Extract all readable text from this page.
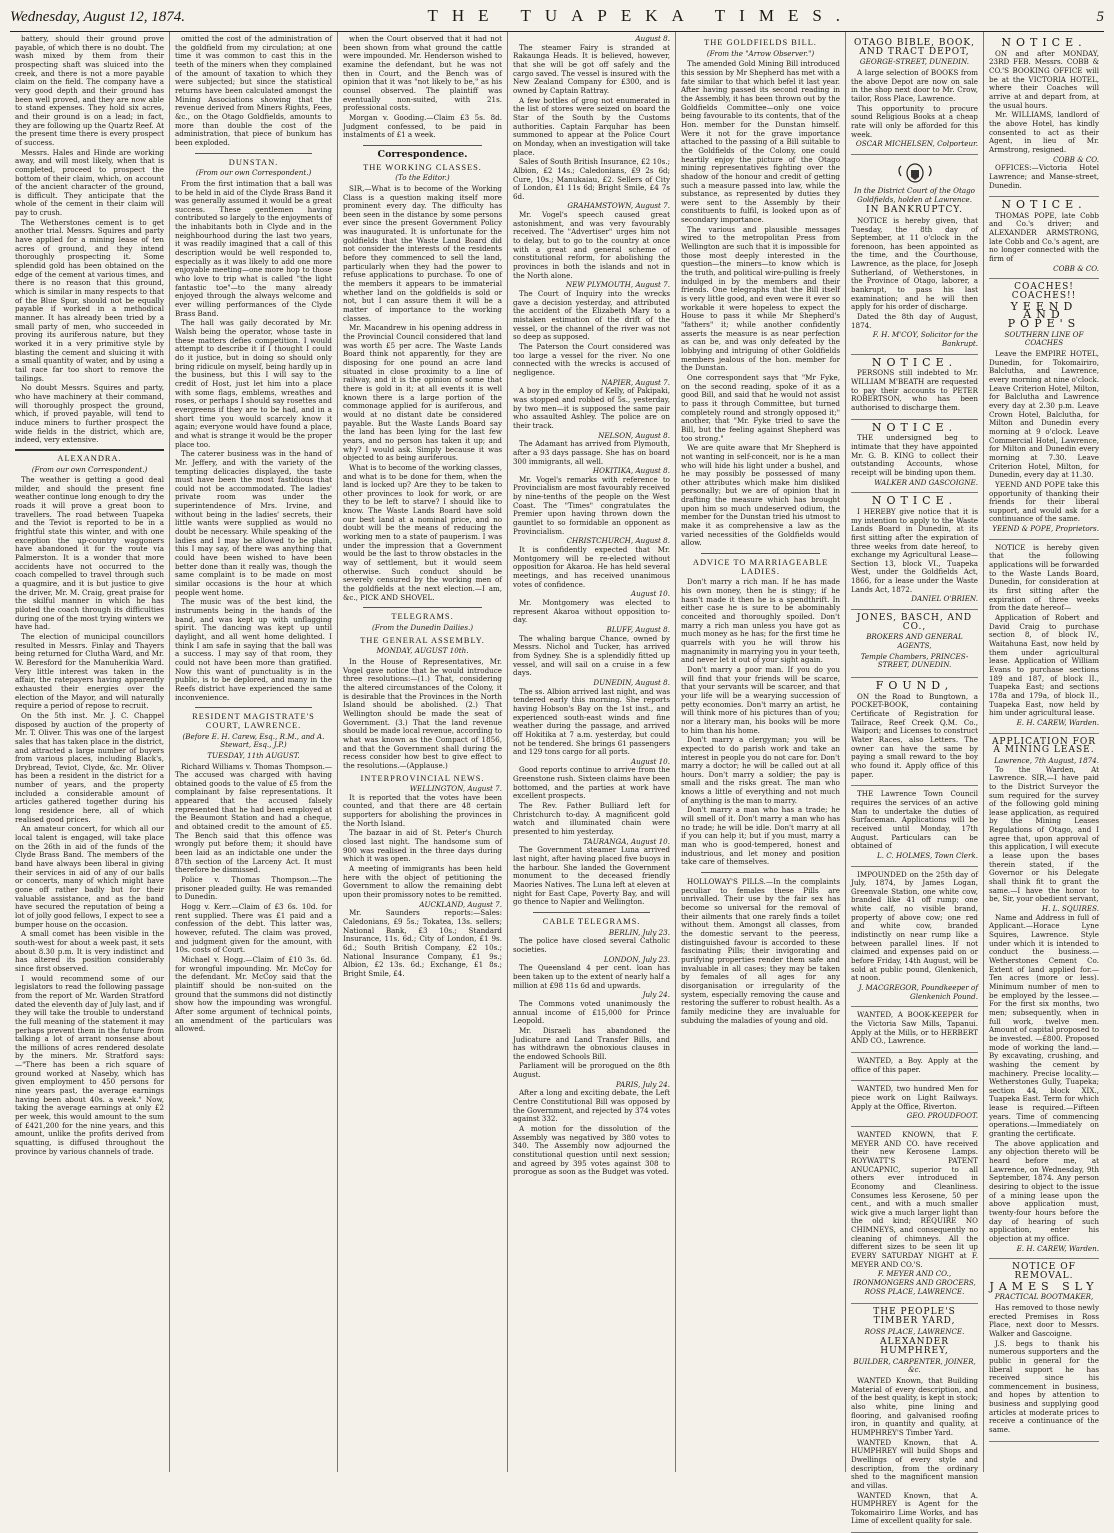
Wednesday, August 12, 1874.	THE TUAPEKA TIMES.	5

battery, should their ground prove payable, of which there is no doubt. The wash mixed by them from their prospecting shaft was sluiced into the creek, and there is not a more payable claim on the field. The company have a very good depth and their ground has been well proved, and they are now able to stand expenses. They hold six acres, and their ground is on a lead; in fact, they are following up the Quartz Reef. At the present time there is every prospect of success.

Messrs. Hales and Hinde are working away, and will most likely, when that is completed, proceed to prospect the bottom of their claim, which, on account of the ancient character of the ground, is difficult. They anticipate that the whole of the cement in their claim will pay to crush.

The Wetherstones cement is to get another trial. Messrs. Squires and party have applied for a mining lease of ten acres of ground, and they intend thoroughly prospecting it. Some splendid gold has been obtained on the edge of the cement at various times, and there is no reason that this ground, which is similar in many respects to that of the Blue Spur, should not be equally payable if worked in a methodical manner. It has already been tried by a small party of men, who succeeded in proving its auriferous nature, but they worked it in a very primitive style by blasting the cement and sluicing it with a small quantity of water, and by using a tail race far too short to remove the tailings.

No doubt Messrs. Squires and party, who have machinery at their command, will thoroughly prospect the ground, which, if proved payable, will tend to induce miners to further prospect the wide fields in the district, which are, indeed, very extensive.

ALEXANDRA.
(From our own Correspondent.)

The weather is getting a good deal milder, and should the present fine weather continue long enough to dry the roads it will prove a great boon to travellers. The road between Tuapeka and the Teviot is reported to be in a frightful state this winter, and with one exception the up-country waggoners have abandoned it for the route via Palmerston. It is a wonder that more accidents have not occurred to the coach compelled to travel through such a quagmire, and it is but justice to give the driver, Mr. M. Craig, great praise for the skilful manner in which he has piloted the coach through its difficulties during one of the most trying winters we have had.

The election of municipal councillors resulted in Messrs. Finlay and Thayers being returned for Clutha Ward, and Mr. W. Beresford for the Manuherikia Ward. Very little interest was taken in the affair, the ratepayers having apparently exhausted their energies over the election of the Mayor, and will naturally require a period of repose to recruit.

On the 5th inst. Mr. J. C. Chappel disposed by auction of the property of Mr. T. Oliver. This was one of the largest sales that has taken place in the district, and attracted a large number of buyers from various places, including Black's, Drybread, Teviot, Clyde, &c. Mr. Oliver has been a resident in the district for a number of years, and the property included a considerable amount of articles gathered together during his long residence here, all of which realised good prices.

An amateur concert, for which all our local talent is engaged, will take place on the 26th in aid of the funds of the Clyde Brass Band. The members of the band have always been liberal in giving their services in aid of any of our balls or concerts, many of which might have gone off rather badly but for their valuable assistance, and as the band have secured the reputation of being a lot of jolly good fellows, I expect to see a bumper house on the occasion.

A small comet has been visible in the south-west for about a week past, it sets about 8.30 p.m. It is very indistinct and has altered its position considerably since first observed.

I would recommend some of our legislators to read the following passage from the report of Mr. Warden Stratford dated the eleventh day of July last, and if they will take the trouble to understand the full meaning of the statement it may perhaps prevent them in the future from talking a lot of arrant nonsense about the millions of acres rendered desolate by the miners. Mr. Stratford says:—"There has been a rich square of ground worked at Naseby, which has given employment to 450 persons for nine years past, the average earnings having been about 40s. a week." Now, taking the average earnings at only £2 per week, this would amount to the sum of £421,200 for the nine years, and this amount, unlike the profits derived from squatting, is diffused throughout the province by various channels of trade.

omitted the cost of the administration of the goldfield from my circulation; at one time it was common to cast this in the teeth of the miners when they complained of the amount of taxation to which they were subjected; but since the statistical returns have been calculated amongst the Mining Associations showing that the revenue derived from Miners Rights, Fees, &c., on the Otago Goldfields, amounts to more than double the cost of the administration, that piece of bunkum has been exploded.

DUNSTAN.
(From our own Correspondent.)

From the first intimation that a ball was to be held in aid of the Clyde Brass Band it was generally assumed it would be a great success. These gentlemen having contributed so largely to the enjoyments of the inhabitants both in Clyde and in the neighbourhood during the last two years, it was readily imagined that a call of this description would be well responded to, especially as it was likely to add one more enjoyable meeting—one more hop to those who love to trip what is called "the light fantastic toe"—to the many already enjoyed through the always welcome and ever willing performances of the Clyde Brass Band.

The hall was gaily decorated by Mr. Walsh being the operator, whose taste in these matters defies competition. I would attempt to describe it if I thought I could do it justice, but in doing so should only bring ridicule on myself, being hardly up in the business, but this I will say to the credit of Host, just let him into a place with some flags, emblems, wreathes and roses, or perhaps I should say rosettes and evergreens if they are to be had, and in a short time you would scarcely know it again; everyone would have found a place, and what is strange it would be the proper place too.

The caterer business was in the hand of Mr. Jeffery, and with the variety of the tempting delicacies displayed, the taste must have been the most fastidious that could not be accommodated. The ladies' private room was under the superintendence of Mrs. Irvine, and without being in the ladies' secrets, their little wants were supplied as would no doubt be necessary. While speaking of the ladies and I may be allowed to be plain, this I may say, of there was anything that could have been wished to have been better done than it really was, though the same complaint is to be made on most similar occasions is the hour at which people went home.

The music was of the best kind, the instruments being in the hands of the band, and was kept up with unflagging spirit. The dancing was kept up until daylight, and all went home delighted. I think I am safe in saying that the ball was a success. I may say of that room, they could not have been more than gratified. Now this want of punctuality is in the public, is to be deplored, and many in the Reefs district have experienced the same inconvenience.

RESIDENT MAGISTRATE'S COURT, LAWRENCE.
(Before E. H. Carew, Esq., R.M., and A. Stewart, Esq., J.P.)
TUESDAY, 11th AUGUST.

Richard Williams v. Thomas Thompson.—The accused was charged with having obtained goods to the value of £5 from the complainant by false representations. It appeared that the accused falsely represented that he had been employed at the Beaumont Station and had a cheque, and obtained credit to the amount of £5. The Bench said that this offence was wrongly put before them; it should have been laid as an indictable one under the 87th section of the Larceny Act. It must therefore be dismissed.

Police v. Thomas Thompson.—The prisoner pleaded guilty. He was remanded to Dunedin.

Hogg v. Kerr.—Claim of £3 6s. 10d. for rent supplied. There was £1 paid and a confession of the debt. This latter was, however, refuted. The claim was proved, and judgment given for the amount, with 10s. costs of Court.

Michael v. Hogg.—Claim of £10 3s. 6d. for wrongful impounding. Mr. McCoy for the defendant. Mr. McCoy said that the plaintiff should be non-suited on the ground that the summons did not distinctly show how the impounding was wrongful. After some argument of technical points, an amendment of the particulars was allowed.

when the Court observed that it had not been shown from what ground the cattle were impounded. Mr. Henderson wished to examine the defendant, but he was not then in Court, and the Bench was of opinion that it was "not likely to be," as his counsel observed. The plaintiff was eventually non-suited, with 21s. professional costs.

Morgan v. Gooding.—Claim £3 5s. 8d. Judgment confessed, to be paid in instalments of £1 a week.

Correspondence.
THE WORKING CLASSES.
(To the Editor.)

SIR,—What is to become of the Working Class is a question making itself more prominent every day. The difficulty has been seen in the distance by some persons ever since the present Government Policy was inaugurated. It is unfortunate for the goldfields that the Waste Land Board did not consider the interests of the residents before they commenced to sell the land, particularly when they had the power to refuse applications to purchase. To one of the members it appears to be immaterial whether land on the goldfields is sold or not, but I can assure them it will be a matter of importance to the working classes.

Mr. Macandrew in his opening address in the Provincial Council considered that land was worth £5 per acre. The Waste Lands Board think not apparently, for they are disposing for one pound an acre land situated in close proximity to a line of railway, and it is the opinion of some that there is gold in it; at all events it is well known there is a large portion of the commonage applied for is auriferous, and would at no distant date be considered payable. But the Waste Lands Board say the land has been lying for the last few years, and no person has taken it up; and why? I would ask. Simply because it was objected to as being auriferous.

What is to become of the working classes, and what is to be done for them, when the land is locked up? Are they to be taken to other provinces to look for work, or are they to be left to starve? I should like to know. The Waste Lands Board have sold our best land at a nominal price, and no doubt will be the means of reducing the working men to a state of pauperism. I was under the impression that a Government would be the last to throw obstacles in the way of settlement, but it would seem otherwise. Such conduct should be severely censured by the working men of the goldfields at the next election.—I am, &c., PICK AND SHOVEL.

TELEGRAMS.
(From the Dunedin Dailies.)
THE GENERAL ASSEMBLY.
MONDAY, AUGUST 10th.

In the House of Representatives, Mr. Vogel gave notice that he would introduce three resolutions:—(1.) That, considering the altered circumstances of the Colony, it is desirable that the Provinces in the North Island should be abolished. (2.) That Wellington should be made the seat of Government. (3.) That the land revenue should be made local revenue, according to what was known as the Compact of 1856, and that the Government shall during the recess consider how best to give effect to the resolutions.—(Applause.)

INTERPROVINCIAL NEWS.
WELLINGTON, August 7.

It is reported that the votes have been counted, and that there are 48 certain supporters for abolishing the provinces in the North Island.

The bazaar in aid of St. Peter's Church closed last night. The handsome sum of 900 was realised in the three days during which it was open.

A meeting of immigrants has been held here with the object of petitioning the Government to allow the remaining debt upon their promissory notes to be remitted.

AUCKLAND, August 7.

Mr. Saunders reports:—Sales: Caledonians, £9 5s.; Tokatea, 13s. sellers; National Bank, £3 10s.; Standard Insurance, 11s. 6d.; City of London, £1 9s. 6d.; South British Company, £2 10s.; National Insurance Company, £1 9s.; Albion, £2 13s. 6d.; Exchange, £1 8s.; Bright Smile, £4.

August 8.

The steamer Fairy is stranded at Rakaunga Heads. It is believed, however, that she will be got off safely and the cargo saved. The vessel is insured with the New Zealand Company for £300, and is owned by Captain Rattray.

A few bottles of grog not enumerated in the list of stores were seized on board the Star of the South by the Customs authorities. Captain Farquhar has been summoned to appear at the Police Court on Monday, when an investigation will take place.

Sales of South British Insurance, £2 10s.; Albion, £2 14s.; Caledonians, £9 2s 6d; Cure, 10s.; Manukaiau, £2. Sellers of City of London, £1 11s 6d; Bright Smile, £4 7s 6d.

GRAHAMSTOWN, August 7.

Mr. Vogel's speech caused great astonishment, and was very favourably received. The "Advertiser" urges him not to delay, but to go to the country at once with a great and general scheme of constitutional reform, for abolishing the provinces in both the islands and not in the North alone.

NEW PLYMOUTH, August 7.

The Court of Inquiry into the wrecks gave a decision yesterday, and attributed the accident of the Elizabeth Mary to a mistaken estimation of the drift of the vessel, or the channel of the river was not so deep as supposed.

The Paterson the Court considered was too large a vessel for the river. No one connected with the wrecks is accused of negligence.

NAPIER, August 7.

A boy in the employ of Kelly, of Pakipaki, was stopped and robbed of 5s., yesterday, by two men—it is supposed the same pair who assaulted Ashley. The police are on their track.

NELSON, August 8.

The Adamant has arrived from Plymouth, after a 93 days passage. She has on board 300 immigrants, all well.

HOKITIKA, August 8.

Mr. Vogel's remarks with reference to Provincialism are most favourably received by nine-tenths of the people on the West Coast. The "Times" congratulates the Premier upon having thrown down the gauntlet to so formidable an opponent as Provincialism.

CHRISTCHURCH, August 8.

It is confidently expected that Mr. Montgomery will be re-elected without opposition for Akaroa. He has held several meetings, and has received unanimous votes of confidence.

August 10.

Mr. Montgomery was elected to represent Akaroa without opposition to-day.

BLUFF, August 8.

The whaling barque Chance, owned by Messrs. Nichol and Tucker, has arrived from Sydney. She is a splendidly fitted up vessel, and will sail on a cruise in a few days.

DUNEDIN, August 8.

The ss. Albion arrived last night, and was tendered early this morning. She reports having Hobson's Bay on the 1st inst., and experienced south-east winds and fine weather during the passage, and arrived off Hokitika at 7 a.m. yesterday, but could not be tendered. She brings 61 passengers and 129 tons cargo for all ports.

August 10.

Good reports continue to arrive from the Greenstone rush. Sixteen claims have been bottomed, and the parties at work have excellent prospects.

The Rev. Father Bulliard left for Christchurch to-day. A magnificent gold watch and illuminated chain were presented to him yesterday.

TAURANGA, August 10.

The Government steamer Luna arrived last night, after having placed five buoys in the harbour. She landed the Government monument to the deceased friendly Maories Natives. The Luna left at eleven at night for East Cape, Poverty Bay, and will go thence to Napier and Wellington.

CABLE TELEGRAMS.
BERLIN, July 23.

The police have closed several Catholic societies.

LONDON, July 23.

The Queensland 4 per cent. loan has been taken up to the extent of nearly half a million at £98 11s 6d and upwards.

July 24.

The Commons voted unanimously the annual income of £15,000 for Prince Leopold.

Mr. Disraeli has abandoned the Judicature and Land Transfer Bills, and has withdrawn the obnoxious clauses in the endowed Schools Bill.

Parliament will be prorogued on the 8th August.

PARIS, July 24.

After a long and exciting debate, the Left Centre Constitutional Bill was opposed by the Government, and rejected by 374 votes against 332.

A motion for the dissolution of the Assembly was negatived by 380 votes to 340. The Assembly now adjourned the constitutional question until next session; and agreed by 395 votes against 308 to prorogue as soon as the Budget was voted.

THE GOLDFIELDS BILL.
(From the "Arrow Observer.")

The amended Gold Mining Bill introduced this session by Mr Shepherd has met with a fate similar to that which befel it last year. After having passed its second reading in the Assembly, it has been thrown out by the Goldfields Committee—only one voice being favourable to its contents, that of the Hon. member for the Dunstan himself. Were it not for the grave importance attached to the passing of a Bill suitable to the Goldfields of the Colony, one could heartily enjoy the picture of the Otago mining representatives fighting over the shadow of the honour and credit of getting such a measure passed into law, while the substance, as represented by duties they were sent to the Assembly by their constituents to fulfil, is looked upon as of secondary importance.

The various and plausible messages wired to the metropolitan Press from Wellington are such that it is impossible for those most deeply interested in the question—the miners—to know which is the truth, and political wire-pulling is freely indulged in by the members and their friends. One telegraphs that the Bill itself is very little good, and even were it ever so workable it were hopeless to expect the House to pass it while Mr Shepherd's "fathers" it; while another confidently asserts the measure is as near perfection as can be, and was only defeated by the lobbying and intriguing of other Goldfields members jealous of the hon. member for the Dunstan.

One correspondent says that "Mr Fyke, on the second reading, spoke of it as a good Bill, and said that he would not assist to pass it through Committee, but turned completely round and strongly opposed it;" another, that "Mr. Fyke tried to save the Bill, but the feeling against Shepherd was too strong."

We are quite aware that Mr Shepherd is not wanting in self-conceit, nor is he a man who will hide his light under a bushel, and he may possibly be possessed of many other attributes which make him disliked personally; but we are of opinion that in drafting the measure which has brought upon him so much undeserved odium, the member for the Dunstan tried his utmost to make it as comprehensive a law as the varied necessities of the Goldfields would allow.

ADVICE TO MARRIAGEABLE LADIES.

Don't marry a rich man. If he has made his own money, then he is stingy; if he hasn't made it then he is a spendthrift. In either case he is sure to be abominably conceited and thoroughly spoiled. Don't marry a rich man unless you have got as much money as he has; for the first time he quarrels with you he will throw his magnanimity in marrying you in your teeth, and never let it out of your sight again.

Don't marry a poor man. If you do you will find that your friends will be scarce, that your servants will be scarcer, and that your life will be a wearying succession of petty economies. Don't marry an artist, he will think more of his pictures than of you; nor a literary man, his books will be more to him than his home.

Don't marry a clergyman; you will be expected to do parish work and take an interest in people you do not care for. Don't marry a doctor; he will be called out at all hours. Don't marry a soldier; the pay is small and the risks great. The man who knows a little of everything and not much of anything is the man to marry.

Don't marry a man who has a trade; he will smell of it. Don't marry a man who has no trade; he will be idle. Don't marry at all if you can help it; but if you must, marry a man who is good-tempered, honest and industrious, and let money and position take care of themselves.

HOLLOWAY'S PILLS.—In the complaints peculiar to females these Pills are unrivalled. Their use by the fair sex has become so universal for the removal of their ailments that one rarely finds a toilet without them. Amongst all classes, from the domestic servant to the peeress, distinguished favour is accorded to these fascinating Pills; their invigorating and purifying properties render them safe and invaluable in all cases; they may be taken by females of all ages for any disorganisation or irregularity of the system, especially removing the cause and restoring the sufferer to robust health. As a family medicine they are invaluable for subduing the maladies of young and old.

OTAGO BIBLE, BOOK, AND TRACT DEPOT,
GEORGE-STREET, DUNEDIN.

A large selection of BOOKS from the above Depot are now on sale in the shop next door to Mr. Crow, tailor, Ross Place, Lawrence.

This opportunity to procure sound Religious Books at a cheap rate will only be afforded for this week.

OSCAR MICHELSEN, Colporteur.
In the District Court of the Otago Goldfields, holden at Lawrence.
IN BANKRUPTCY.

NOTICE is hereby given, that Tuesday, the 8th day of September, at 11 o'clock in the forenoon, has been appointed as the time, and the Courthouse, Lawrence, as the place, for Joseph Sutherland, of Wetherstones, in the Province of Otago, laborer, a bankrupt, to pass his last examination; and he will then apply for his order of discharge.

Dated the 8th day of August, 1874.

F. H. M'COY, Solicitor for the Bankrupt.
NOTICE.

PERSONS still indebted to Mr. WILLIAM M'BEATH are requested to pay their accounts to PETER ROBERTSON, who has been authorised to discharge them.

NOTICE.

THE undersigned beg to intimate that they have appointed Mr. G. B. KING to collect their outstanding Accounts, whose receipt will be binding upon them.

WALKER AND GASCOIGNE.
NOTICE.

I HEREBY give notice that it is my intention to apply to the Waste Lands Board in Dunedin, at its first sitting after the expiration of three weeks from date hereof, to exchange my Agricultural Lease—Section 13, block VI., Tuapeka West, under the Goldfields Act, 1866, for a lease under the Waste Lands Act, 1872.

DANIEL O'BRIEN.
JONES, BASCH, AND CO.,
BROKERS AND GENERAL AGENTS,
Temple Chambers, PRINCES-STREET, DUNEDIN.
FOUND,

ON the Road to Bungtown, a POCKET-BOOK, containing Certificate of Registration for Tailrace, Reef Creek Q.M. Co., Waipori; and Licenses to construct Water Races, also Letters. The owner can have the same by paying a small reward to the boy who found it. Apply office of this paper.

THE Lawrence Town Council requires the services of an active Man to undertake the duties of Surfaceman. Applications will be received until Monday, 17th August. Particulars can be obtained of

L. C. HOLMES, Town Clerk.

IMPOUNDED on the 25th day of July, 1874, by James Logan, Greenvale Station, one white cow, branded like 41 off rump; one white calf, no visible brand, property of above cow; one red and white cow, branded indistinctly on near rump like a between parallel lines. If not claimed and expenses paid on or before Friday, 14th August, will be sold at public pound, Glenkenich, at noon.

J. MACGREGOR, Poundkeeper of Glenkenich Pound.

WANTED, A BOOK-KEEPER for the Victoria Saw Mills, Tapanui. Apply at the Mills, or to HERBERT AND CO., Lawrence.

WANTED, a Boy. Apply at the office of this paper.

WANTED, two hundred Men for piece work on Light Railways. Apply at the Office, Riverton.

GEO. PROUDFOOT.

WANTED KNOWN, that F. MEYER AND CO. have received their new Kerosene Lamps. ROYWATT'S PATENT ANUCAPNIC, superior to all others ever introduced in Economy and Cleanliness. Consumes less Kerosene, 50 per cent., and with a much smaller wick give a much larger light than the old kind; REQUIRE NO CHIMNEYS, and consequently no cleaning of chimneys. All the different sizes to be seen lit up EVERY SATURDAY NIGHT at F. MEYER AND CO.'S.

F. MEYER AND CO., IRONMONGERS AND GROCERS, ROSS PLACE, LAWRENCE.
THE PEOPLE'S TIMBER YARD,
ROSS PLACE, LAWRENCE.
ALEXANDER HUMPHREY,
BUILDER, CARPENTER, JOINER, &c.

WANTED Known, that Building Material of every description, and of the best quality, is kept in stock; also white, pine lining and flooring, and galvanised roofing iron, in quantity and quality, at HUMPHREY'S Timber Yard.

WANTED Known, that A. HUMPHREY will build Shops and Dwellings of every style and description, from the ordinary shed to the magnificent mansion and villas.

WANTED Known, that A. HUMPHREY is Agent for the Tokomairiro Lime Works, and has Lime of excellent quality for sale.

NOTICE.

ON and after MONDAY, 23RD FEB. Messrs. COBB & CO.'S BOOKING OFFICE will be at the VICTORIA HOTEL, where their Coaches will arrive at and depart from, at the usual hours.

Mr. WILLIAMS, landlord of the above Hotel, has kindly consented to act as their Agent, in lieu of Mr. Armstrong, resigned.

COBB & CO.

OFFICES:—Victoria Hotel Lawrence; and Manse-street, Dunedin.

NOTICE.

THOMAS POPE, late Cobb and Co.'s driver; and ALEXANDER ARMSTRONG, late Cobb and Co.'s agent, are no longer connected with the firm of

COBB & CO.
COACHES! COACHES!!
YEEND AND POPE'S
SOUTHERN LINE OF COACHES

Leave the EMPIRE HOTEL, Dunedin, for Tokomairiro, Balclutha, and Lawrence, every morning at nine o'clock. Leave Criterion Hotel, Milton, for Balclutha and Lawrence every day at 2.30 p.m. Leave Crown Hotel, Balclutha, for Milton and Dunedin every morning at 9 o'clock. Leave Commercial Hotel, Lawrence, for Milton and Dunedin every morning at 7.30. Leave Criterion Hotel, Milton, for Dunedin, every day at 11.30.

YEEND AND POPE take this opportunity of thanking their friends for their liberal support, and would ask for a continuance of the same.

YEEND & POPE, Proprietors.

NOTICE is hereby given that the following applications will be forwarded to the Waste Lands Board, Dunedin, for consideration at its first sitting after the expiration of three weeks from the date hereof—

Application of Robert and David Craig to purchase section 8, of block IV., Waitahuna East, now held by them under agricultural lease. Application of William Evans to purchase sections 189 and 187, of block II., Tuapeka East; and sections 178a and 179a, of block II., Tuapeka East, now held by him under agricultural lease.

E. H. CAREW, Warden.
APPLICATION FOR A MINING LEASE.
Lawrence, 7th August, 1874.

To the Warden, At Lawrence. SIR,—I have paid to the District Surveyor the sum required for the survey of the following gold mining lease application, as required by the Mining Leases Regulations of Otago, and I agree that, upon approval of this application, I will execute a lease upon the bases therein stated, if the Governor or his Delegate shall think fit to grant the same.—I have the honor to be, Sir, your obedient servant,

H. L. SQUIRES.

Name and Address in full of Applicant.—Horace Lyne Squires, Lawrence. Style under which it is intended to conduct the business.—Wetherstones Cement Co. Extent of land applied for.—Ten acres (more or less). Minimum number of men to be employed by the lessee.—For the first six months, two men; subsequently, when in full work, twelve men. Amount of capital proposed to be invested. —£800. Proposed mode of working the land.—By excavating, crushing, and washing the cement by machinery. Precise locality.—Wetherstones Gully, Tuapeka; section 44, block XIX., Tuapeka East. Term for which lease is required.—Fifteen years. Time of commencing operations.—Immediately on granting the certificate.

The above application and any objection thereto will be heard before me, at Lawrence, on Wednesday, 9th September, 1874. Any person desiring to object to the issue of a mining lease upon the above application must, twenty-four hours before the day of hearing of such application, enter his objection at my office.

E. H. CAREW, Warden.
NOTICE OF REMOVAL.
JAMES SLY
PRACTICAL BOOTMAKER,

Has removed to those newly erected Premises in Ross Place, next door to Messrs. Walker and Gascoigne.

J.S. begs to thank his numerous supporters and the public in general for the liberal support he has received since his commencement in business, and hopes by attention to business and supplying good articles at moderate prices to receive a continuance of the same.
